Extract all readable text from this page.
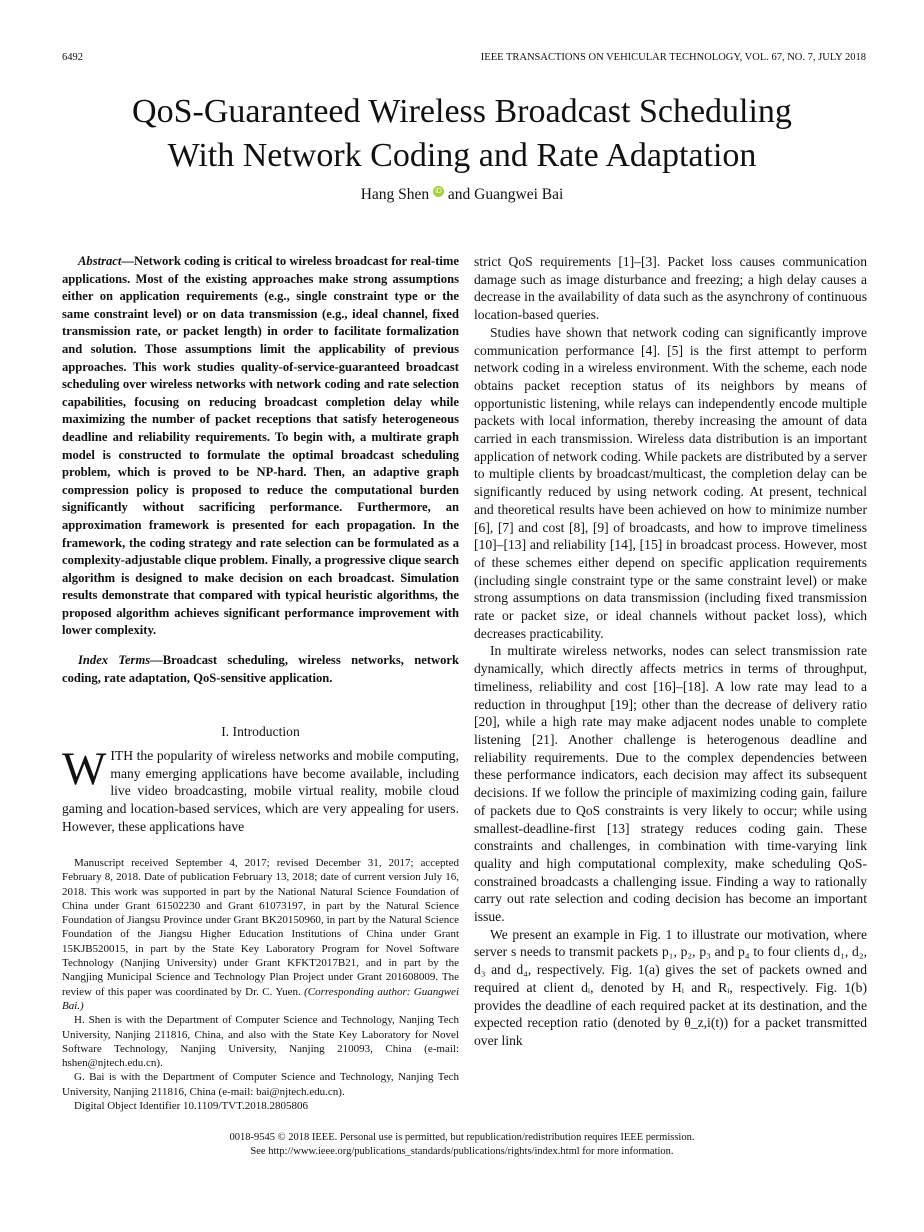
6492	IEEE TRANSACTIONS ON VEHICULAR TECHNOLOGY, VOL. 67, NO. 7, JULY 2018
QoS-Guaranteed Wireless Broadcast Scheduling
With Network Coding and Rate Adaptation
Hang Shen iD and Guangwei Bai

Abstract—Network coding is critical to wireless broadcast for real-time applications. Most of the existing approaches make strong assumptions either on application requirements (e.g., single constraint type or the same constraint level) or on data transmission (e.g., ideal channel, fixed transmission rate, or packet length) in order to facilitate formalization and solution. Those assumptions limit the applicability of previous approaches. This work studies quality-of-service-guaranteed broadcast scheduling over wireless networks with network coding and rate selection capabilities, focusing on reducing broadcast completion delay while maximizing the number of packet receptions that satisfy heterogeneous deadline and reliability requirements. To begin with, a multirate graph model is constructed to formulate the optimal broadcast scheduling problem, which is proved to be NP-hard. Then, an adaptive graph compression policy is proposed to reduce the computational burden significantly without sacrificing performance. Furthermore, an approximation framework is presented for each propagation. In the framework, the coding strategy and rate selection can be formulated as a complexity-adjustable clique problem. Finally, a progressive clique search algorithm is designed to make decision on each broadcast. Simulation results demonstrate that compared with typical heuristic algorithms, the proposed algorithm achieves significant performance improvement with lower complexity.

Index Terms—Broadcast scheduling, wireless networks, network coding, rate adaptation, QoS-sensitive application.

I. Introduction

WITH the popularity of wireless networks and mobile computing, many emerging applications have become available, including live video broadcasting, mobile virtual reality, mobile cloud gaming and location-based services, which are very appealing for users. However, these applications have

Manuscript received September 4, 2017; revised December 31, 2017; accepted February 8, 2018. Date of publication February 13, 2018; date of current version July 16, 2018. This work was supported in part by the National Natural Science Foundation of China under Grant 61502230 and Grant 61073197, in part by the Natural Science Foundation of Jiangsu Province under Grant BK20150960, in part by the Natural Science Foundation of the Jiangsu Higher Education Institutions of China under Grant 15KJB520015, in part by the State Key Laboratory Program for Novel Software Technology (Nanjing University) under Grant KFKT2017B21, and in part by the Nangjing Municipal Science and Technology Plan Project under Grant 201608009. The review of this paper was coordinated by Dr. C. Yuen. (Corresponding author: Guangwei Bai.)

H. Shen is with the Department of Computer Science and Technology, Nanjing Tech University, Nanjing 211816, China, and also with the State Key Laboratory for Novel Software Technology, Nanjing University, Nanjing 210093, China (e-mail: hshen@njtech.edu.cn).

G. Bai is with the Department of Computer Science and Technology, Nanjing Tech University, Nanjing 211816, China (e-mail: bai@njtech.edu.cn).

Digital Object Identifier 10.1109/TVT.2018.2805806

strict QoS requirements [1]–[3]. Packet loss causes communication damage such as image disturbance and freezing; a high delay causes a decrease in the availability of data such as the asynchrony of continuous location-based queries.

Studies have shown that network coding can significantly improve communication performance [4]. [5] is the first attempt to perform network coding in a wireless environment. With the scheme, each node obtains packet reception status of its neighbors by means of opportunistic listening, while relays can independently encode multiple packets with local information, thereby increasing the amount of data carried in each transmission. Wireless data distribution is an important application of network coding. While packets are distributed by a server to multiple clients by broadcast/multicast, the completion delay can be significantly reduced by using network coding. At present, technical and theoretical results have been achieved on how to minimize number [6], [7] and cost [8], [9] of broadcasts, and how to improve timeliness [10]–[13] and reliability [14], [15] in broadcast process. However, most of these schemes either depend on specific application requirements (including single constraint type or the same constraint level) or make strong assumptions on data transmission (including fixed transmission rate or packet size, or ideal channels without packet loss), which decreases practicability.

In multirate wireless networks, nodes can select transmission rate dynamically, which directly affects metrics in terms of throughput, timeliness, reliability and cost [16]–[18]. A low rate may lead to a reduction in throughput [19]; other than the decrease of delivery ratio [20], while a high rate may make adjacent nodes unable to complete listening [21]. Another challenge is heterogenous deadline and reliability requirements. Due to the complex dependencies between these performance indicators, each decision may affect its subsequent decisions. If we follow the principle of maximizing coding gain, failure of packets due to QoS constraints is very likely to occur; while using smallest-deadline-first [13] strategy reduces coding gain. These constraints and challenges, in combination with time-varying link quality and high computational complexity, make scheduling QoS-constrained broadcasts a challenging issue. Finding a way to rationally carry out rate selection and coding decision has become an important issue.

We present an example in Fig. 1 to illustrate our motivation, where server s needs to transmit packets p₁, p₂, p₃ and p₄ to four clients d₁, d₂, d₃ and d₄, respectively. Fig. 1(a) gives the set of packets owned and required at client dᵢ, denoted by Hᵢ and Rᵢ, respectively. Fig. 1(b) provides the deadline of each required packet at its destination, and the expected reception ratio (denoted by θ_z,i(t)) for a packet transmitted over link

0018-9545 © 2018 IEEE. Personal use is permitted, but republication/redistribution requires IEEE permission.
See http://www.ieee.org/publications_standards/publications/rights/index.html for more information.
